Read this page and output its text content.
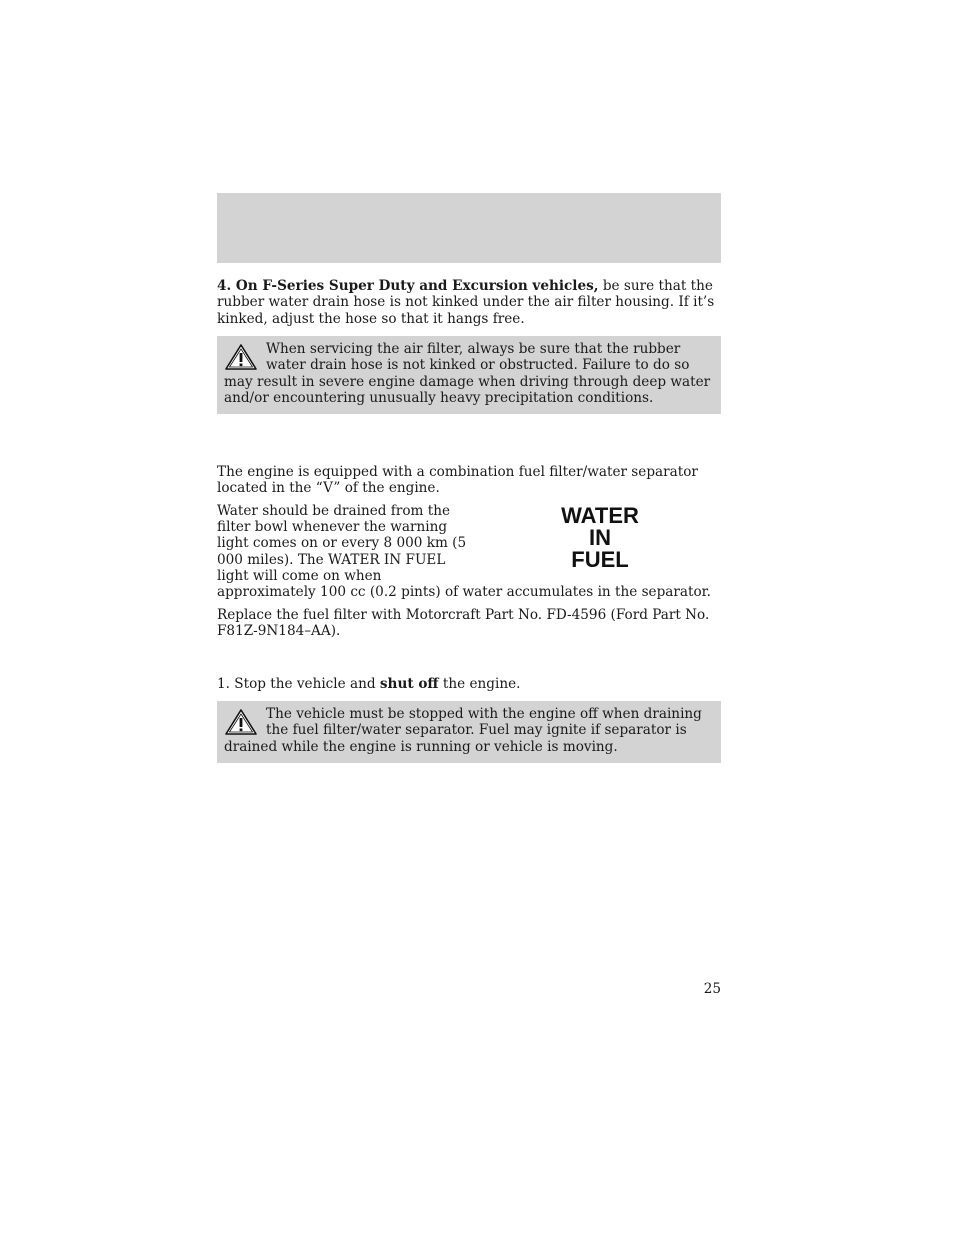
4. On F-Series Super Duty and Excursion vehicles, be sure that the rubber water drain hose is not kinked under the air filter housing. If it’s kinked, adjust the hose so that it hangs free.

When servicing the air filter, always be sure that the rubber water drain hose is not kinked or obstructed. Failure to do so may result in severe engine damage when driving through deep water and/or encountering unusually heavy precipitation conditions.

The engine is equipped with a combination fuel filter/water separator located in the “V” of the engine.

Water should be drained from the filter bowl whenever the warning light comes on or every 8 000 km (5 000 miles). The WATER IN FUEL light will come on when
approximately 100 cc (0.2 pints) of water accumulates in the separator.

WATER
IN
FUEL

Replace the fuel filter with Motorcraft Part No. FD-4596 (Ford Part No. F81Z-9N184–AA).

1. Stop the vehicle and shut off the engine.

The vehicle must be stopped with the engine off when draining the fuel filter/water separator. Fuel may ignite if separator is drained while the engine is running or vehicle is moving.
25
